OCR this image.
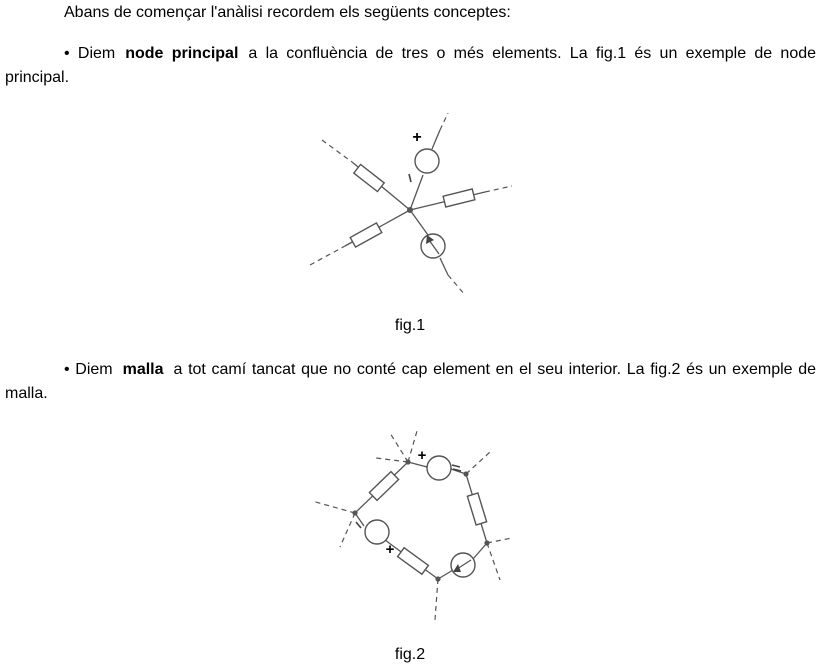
Abans de començar l'anàlisi recordem els següents conceptes:
• Diem node principal a la confluència de tres o més elements. La fig.1 és un exemple de node principal.
+
fig.1
• Diem malla a tot camí tancat que no conté cap element en el seu interior. La fig.2 és un exemple de malla.
+
+
fig.2
